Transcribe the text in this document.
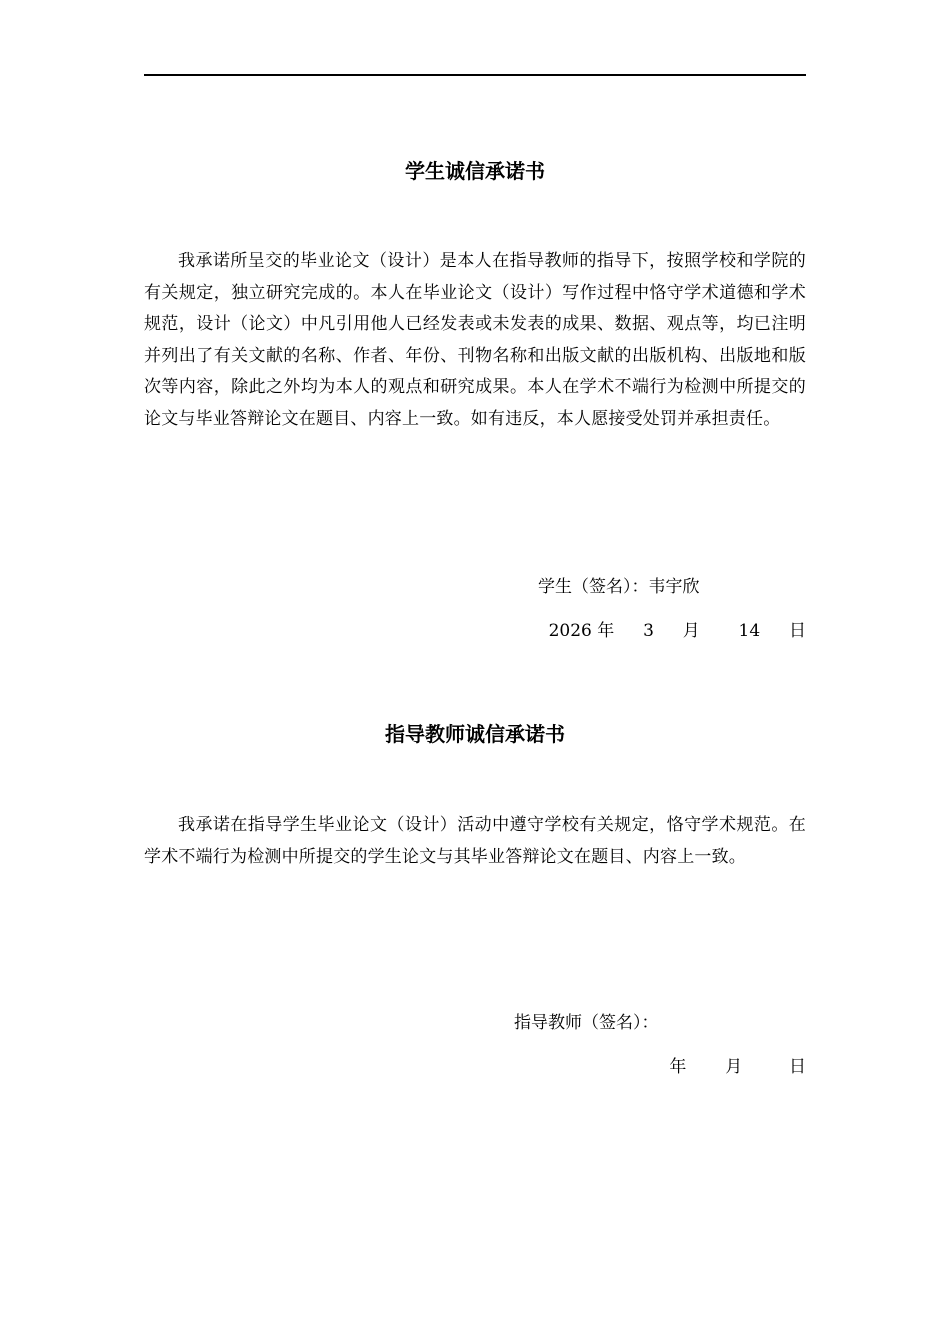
学生诚信承诺书

我承诺所呈交的毕业论文（设计）是本人在指导教师的指导下，按照学校和学院的有关规定，独立研究完成的。本人在毕业论文（设计）写作过程中恪守学术道德和学术规范，设计（论文）中凡引用他人已经发表或未发表的成果、数据、观点等，均已注明并列出了有关文献的名称、作者、年份、刊物名称和出版文献的出版机构、出版地和版次等内容，除此之外均为本人的观点和研究成果。本人在学术不端行为检测中所提交的论文与毕业答辩论文在题目、内容上一致。如有违反，本人愿接受处罚并承担责任。

学生（签名）：韦宇欣
2026 年 3 月 14 日
指导教师诚信承诺书

我承诺在指导学生毕业论文（设计）活动中遵守学校有关规定，恪守学术规范。在学术不端行为检测中所提交的学生论文与其毕业答辩论文在题目、内容上一致。

指导教师（签名）：
年 月	日
